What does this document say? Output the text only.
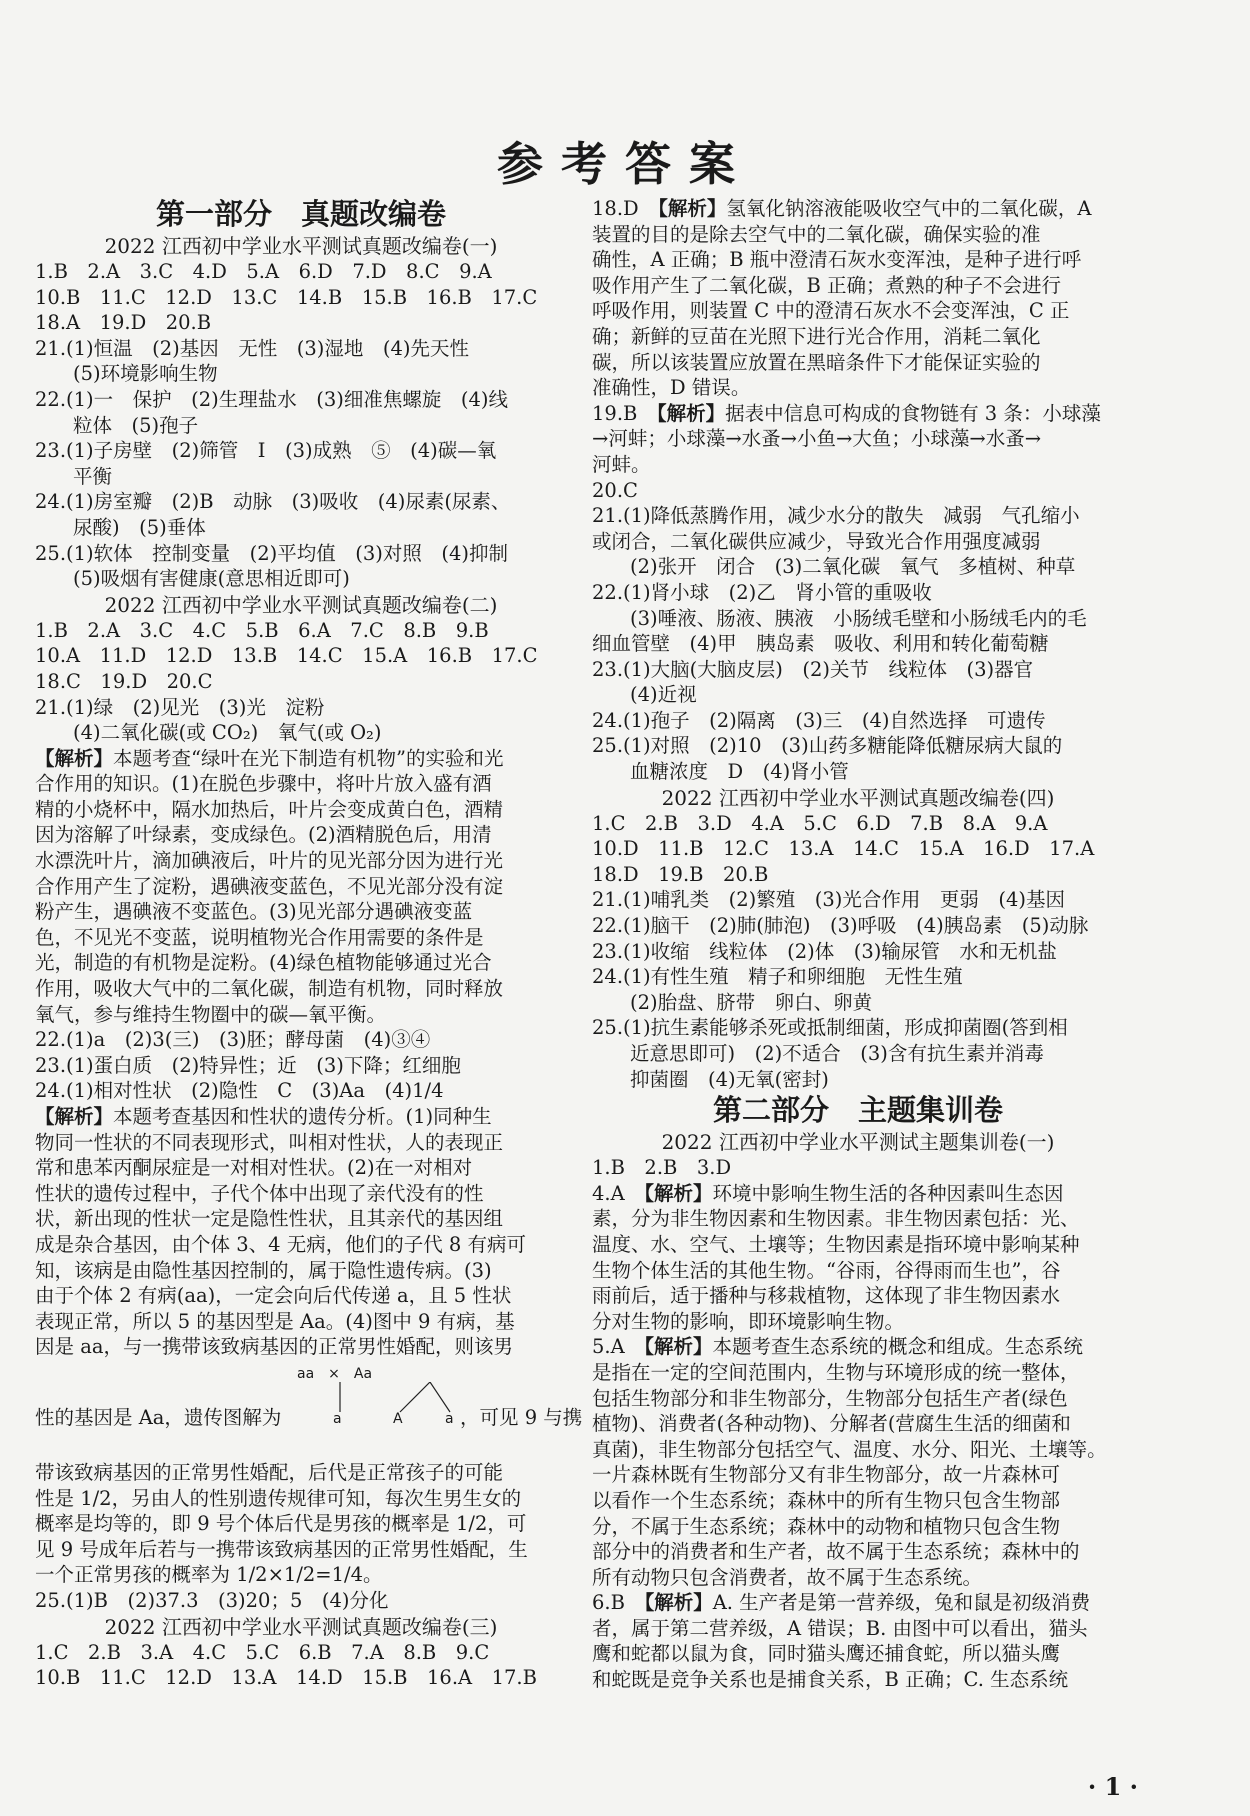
参考答案
第一部分　真题改编卷
2022 江西初中学业水平测试真题改编卷(一)
1.B　2.A　3.C　4.D　5.A　6.D　7.D　8.C　9.A
10.B　11.C　12.D　13.C　14.B　15.B　16.B　17.C
18.A　19.D　20.B
21.(1)恒温　(2)基因　无性　(3)湿地　(4)先天性
(5)环境影响生物
22.(1)一　保护　(2)生理盐水　(3)细准焦螺旋　(4)线
粒体　(5)孢子
23.(1)子房壁　(2)筛管　Ⅰ　(3)成熟　⑤　(4)碳—氧
平衡
24.(1)房室瓣　(2)B　动脉　(3)吸收　(4)尿素(尿素、
尿酸)　(5)垂体
25.(1)软体　控制变量　(2)平均值　(3)对照　(4)抑制
(5)吸烟有害健康(意思相近即可)
2022 江西初中学业水平测试真题改编卷(二)
1.B　2.A　3.C　4.C　5.B　6.A　7.C　8.B　9.B
10.A　11.D　12.D　13.B　14.C　15.A　16.B　17.C
18.C　19.D　20.C
21.(1)绿　(2)见光　(3)光　淀粉
(4)二氧化碳(或 CO₂)　氧气(或 O₂)
【解析】本题考查“绿叶在光下制造有机物”的实验和光
合作用的知识。(1)在脱色步骤中，将叶片放入盛有酒
精的小烧杯中，隔水加热后，叶片会变成黄白色，酒精
因为溶解了叶绿素，变成绿色。(2)酒精脱色后，用清
水漂洗叶片，滴加碘液后，叶片的见光部分因为进行光
合作用产生了淀粉，遇碘液变蓝色，不见光部分没有淀
粉产生，遇碘液不变蓝色。(3)见光部分遇碘液变蓝
色，不见光不变蓝，说明植物光合作用需要的条件是
光，制造的有机物是淀粉。(4)绿色植物能够通过光合
作用，吸收大气中的二氧化碳，制造有机物，同时释放
氧气，参与维持生物圈中的碳—氧平衡。
22.(1)a　(2)3(三)　(3)胚；酵母菌　(4)③④
23.(1)蛋白质　(2)特异性；近　(3)下降；红细胞
24.(1)相对性状　(2)隐性　C　(3)Aa　(4)1/4
【解析】本题考查基因和性状的遗传分析。(1)同种生
物同一性状的不同表现形式，叫相对性状，人的表现正
常和患苯丙酮尿症是一对相对性状。(2)在一对相对
性状的遗传过程中，子代个体中出现了亲代没有的性
状，新出现的性状一定是隐性性状，且其亲代的基因组
成是杂合基因，由个体 3、4 无病，他们的子代 8 有病可
知，该病是由隐性基因控制的，属于隐性遗传病。(3)
由于个体 2 有病(aa)，一定会向后代传递 a，且 5 性状
表现正常，所以 5 的基因型是 Aa。(4)图中 9 有病，基
因是 aa，与一携带该致病基因的正常男性婚配，则该男
aa　×　Aa
性的基因是 Aa，遗传图解为	a	A	a ，可见 9 与携
带该致病基因的正常男性婚配，后代是正常孩子的可能
性是 1/2，另由人的性别遗传规律可知，每次生男生女的
概率是均等的，即 9 号个体后代是男孩的概率是 1/2，可
见 9 号成年后若与一携带该致病基因的正常男性婚配，生
一个正常男孩的概率为 1/2×1/2=1/4。
25.(1)B　(2)37.3　(3)20；5　(4)分化
2022 江西初中学业水平测试真题改编卷(三)
1.C　2.B　3.A　4.C　5.C　6.B　7.A　8.B　9.C
10.B　11.C　12.D　13.A　14.D　15.B　16.A　17.B
18.D　【解析】氢氧化钠溶液能吸收空气中的二氧化碳，A
装置的目的是除去空气中的二氧化碳，确保实验的准
确性，A 正确；B 瓶中澄清石灰水变浑浊，是种子进行呼
吸作用产生了二氧化碳，B 正确；煮熟的种子不会进行
呼吸作用，则装置 C 中的澄清石灰水不会变浑浊，C 正
确；新鲜的豆苗在光照下进行光合作用，消耗二氧化
碳，所以该装置应放置在黑暗条件下才能保证实验的
准确性，D 错误。
19.B　【解析】据表中信息可构成的食物链有 3 条：小球藻
→河蚌；小球藻→水蚤→小鱼→大鱼；小球藻→水蚤→
河蚌。
20.C
21.(1)降低蒸腾作用，减少水分的散失　减弱　气孔缩小
或闭合，二氧化碳供应减少，导致光合作用强度减弱
(2)张开　闭合　(3)二氧化碳　氧气　多植树、种草
22.(1)肾小球　(2)乙　肾小管的重吸收
(3)唾液、肠液、胰液　小肠绒毛壁和小肠绒毛内的毛
细血管壁　(4)甲　胰岛素　吸收、利用和转化葡萄糖
23.(1)大脑(大脑皮层)　(2)关节　线粒体　(3)器官
(4)近视
24.(1)孢子　(2)隔离　(3)三　(4)自然选择　可遗传
25.(1)对照　(2)10　(3)山药多糖能降低糖尿病大鼠的
血糖浓度　D　(4)肾小管
2022 江西初中学业水平测试真题改编卷(四)
1.C　2.B　3.D　4.A　5.C　6.D　7.B　8.A　9.A
10.D　11.B　12.C　13.A　14.C　15.A　16.D　17.A
18.D　19.B　20.B
21.(1)哺乳类　(2)繁殖　(3)光合作用　更弱　(4)基因
22.(1)脑干　(2)肺(肺泡)　(3)呼吸　(4)胰岛素　(5)动脉
23.(1)收缩　线粒体　(2)体　(3)输尿管　水和无机盐
24.(1)有性生殖　精子和卵细胞　无性生殖
(2)胎盘、脐带　卵白、卵黄
25.(1)抗生素能够杀死或抵制细菌，形成抑菌圈(答到相
近意思即可)　(2)不适合　(3)含有抗生素并消毒
抑菌圈　(4)无氧(密封)
第二部分　主题集训卷
2022 江西初中学业水平测试主题集训卷(一)
1.B　2.B　3.D
4.A　【解析】环境中影响生物生活的各种因素叫生态因
素，分为非生物因素和生物因素。非生物因素包括：光、
温度、水、空气、土壤等；生物因素是指环境中影响某种
生物个体生活的其他生物。“谷雨，谷得雨而生也”，谷
雨前后，适于播种与移栽植物，这体现了非生物因素水
分对生物的影响，即环境影响生物。
5.A　【解析】本题考查生态系统的概念和组成。生态系统
是指在一定的空间范围内，生物与环境形成的统一整体，
包括生物部分和非生物部分，生物部分包括生产者(绿色
植物)、消费者(各种动物)、分解者(营腐生生活的细菌和
真菌)，非生物部分包括空气、温度、水分、阳光、土壤等。
一片森林既有生物部分又有非生物部分，故一片森林可
以看作一个生态系统；森林中的所有生物只包含生物部
分，不属于生态系统；森林中的动物和植物只包含生物
部分中的消费者和生产者，故不属于生态系统；森林中的
所有动物只包含消费者，故不属于生态系统。
6.B　【解析】A. 生产者是第一营养级，兔和鼠是初级消费
者，属于第二营养级，A 错误；B. 由图中可以看出，猫头
鹰和蛇都以鼠为食，同时猫头鹰还捕食蛇，所以猫头鹰
和蛇既是竞争关系也是捕食关系，B 正确；C. 生态系统
· 1 ·
